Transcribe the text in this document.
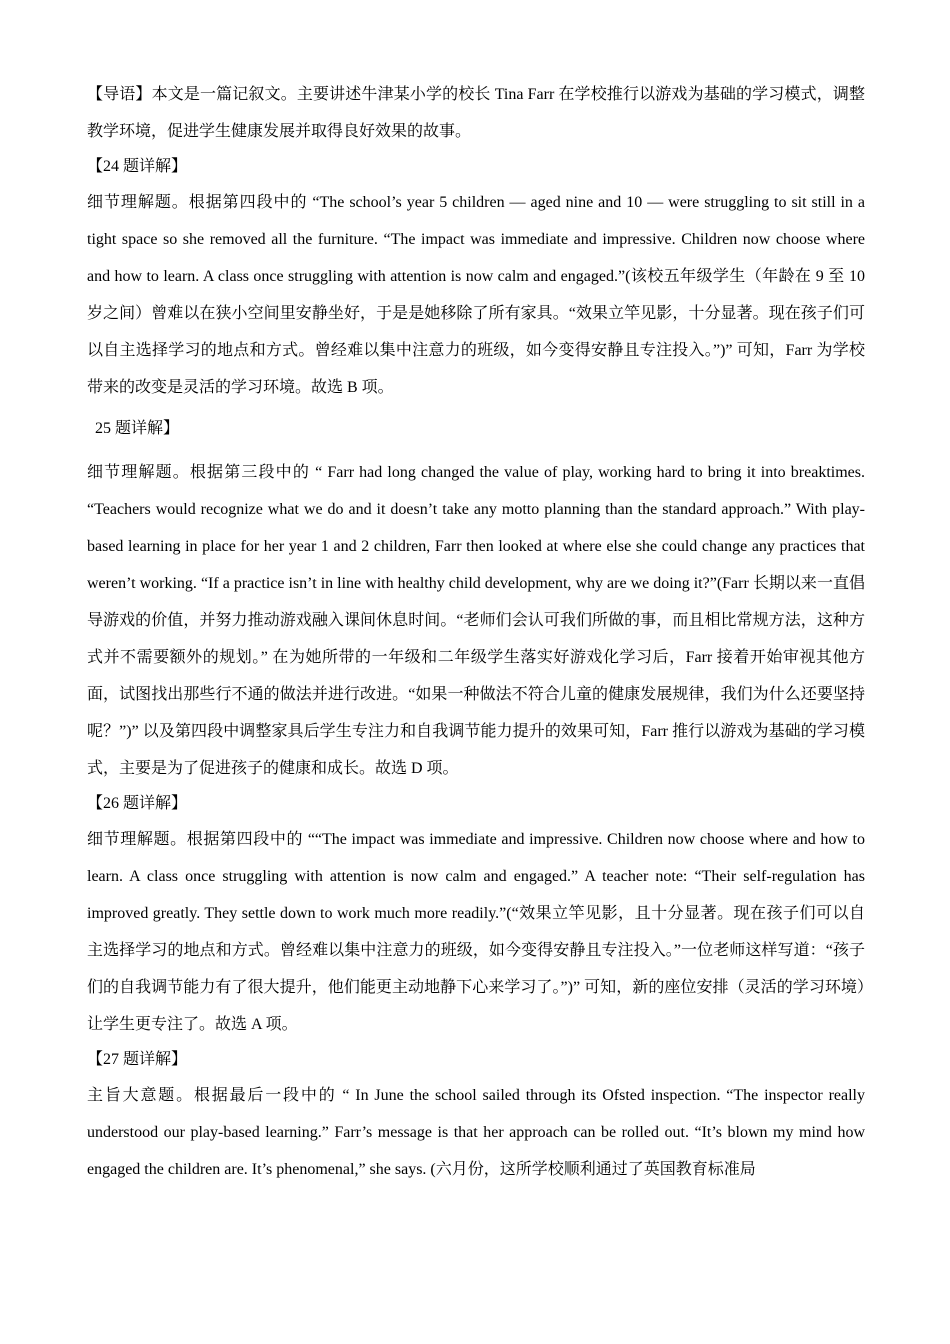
【导语】本文是一篇记叙文。主要讲述牛津某小学的校长 Tina Farr 在学校推行以游戏为基础的学习模式，调整教学环境，促进学生健康发展并取得良好效果的故事。

【24 题详解】

细节理解题。根据第四段中的 “The school’s year 5 children — aged nine and 10 — were struggling to sit still in a tight space so she removed all the furniture. “The impact was immediate and impressive. Children now choose where and how to learn. A class once struggling with attention is now calm and engaged.”(该校五年级学生（年龄在 9 至 10 岁之间）曾难以在狭小空间里安静坐好，于是是她移除了所有家具。“效果立竿见影，十分显著。现在孩子们可以自主选择学习的地点和方式。曾经难以集中注意力的班级，如今变得安静且专注投入。”)” 可知，Farr 为学校带来的改变是灵活的学习环境。故选 B 项。

25 题详解】

细节理解题。根据第三段中的 “ Farr had long changed the value of play, working hard to bring it into breaktimes. “Teachers would recognize what we do and it doesn’t take any motto planning than the standard approach.” With play-based learning in place for her year 1 and 2 children, Farr then looked at where else she could change any practices that weren’t working. “If a practice isn’t in line with healthy child development, why are we doing it?”(Farr 长期以来一直倡导游戏的价值，并努力推动游戏融入课间休息时间。“老师们会认可我们所做的事，而且相比常规方法，这种方式并不需要额外的规划。” 在为她所带的一年级和二年级学生落实好游戏化学习后，Farr 接着开始审视其他方面，试图找出那些行不通的做法并进行改进。“如果一种做法不符合儿童的健康发展规律，我们为什么还要坚持呢？”)” 以及第四段中调整家具后学生专注力和自我调节能力提升的效果可知，Farr 推行以游戏为基础的学习模式，主要是为了促进孩子的健康和成长。故选 D 项。

【26 题详解】

细节理解题。根据第四段中的 ““The impact was immediate and impressive. Children now choose where and how to learn. A class once struggling with attention is now calm and engaged.” A teacher note: “Their self-regulation has improved greatly. They settle down to work much more readily.”(“效果立竿见影，且十分显著。现在孩子们可以自主选择学习的地点和方式。曾经难以集中注意力的班级，如今变得安静且专注投入。”一位老师这样写道：“孩子们的自我调节能力有了很大提升，他们能更主动地静下心来学习了。”)” 可知，新的座位安排（灵活的学习环境）让学生更专注了。故选 A 项。

【27 题详解】

主旨大意题。根据最后一段中的 “ In June the school sailed through its Ofsted inspection. “The inspector really understood our play-based learning.” Farr’s message is that her approach can be rolled out. “It’s blown my mind how engaged the children are. It’s phenomenal,” she says. (六月份，这所学校顺利通过了英国教育标准局
